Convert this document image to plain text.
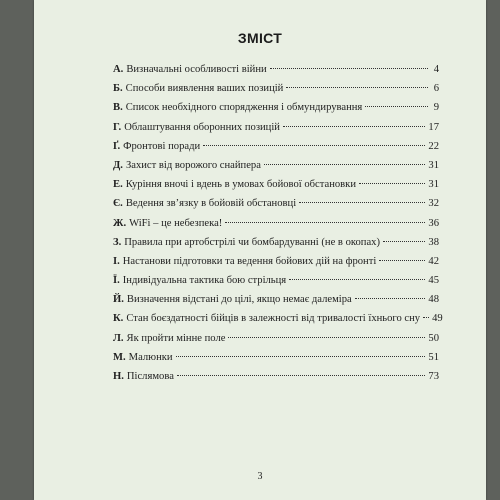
ЗМІСТ
А. Визначальні особливості війни	4
Б. Способи виявлення ваших позицій	6
В. Список необхідного спорядження і обмундирування	9
Г. Облаштування оборонних позицій	17
Ґ. Фронтові поради	22
Д. Захист від ворожого снайпера	31
Е. Куріння вночі і вдень в умовах бойової обстановки	31
Є. Ведення зв’язку в бойовій обстановці	32
Ж. WiFi – це небезпека!	36
З. Правила при артобстрілі чи бомбардуванні (не в окопах)	38
І. Настанови підготовки та ведення бойових дій на фронті	42
Ї. Індивідуальна тактика бою стрільця	45
Й. Визначення відстані до цілі, якщо немає далеміра	48
К. Стан боєздатності бійців в залежності від тривалості їхнього сну 49
Л. Як пройти мінне поле	50
М. Малюнки	51
Н. Післямова	73
3
